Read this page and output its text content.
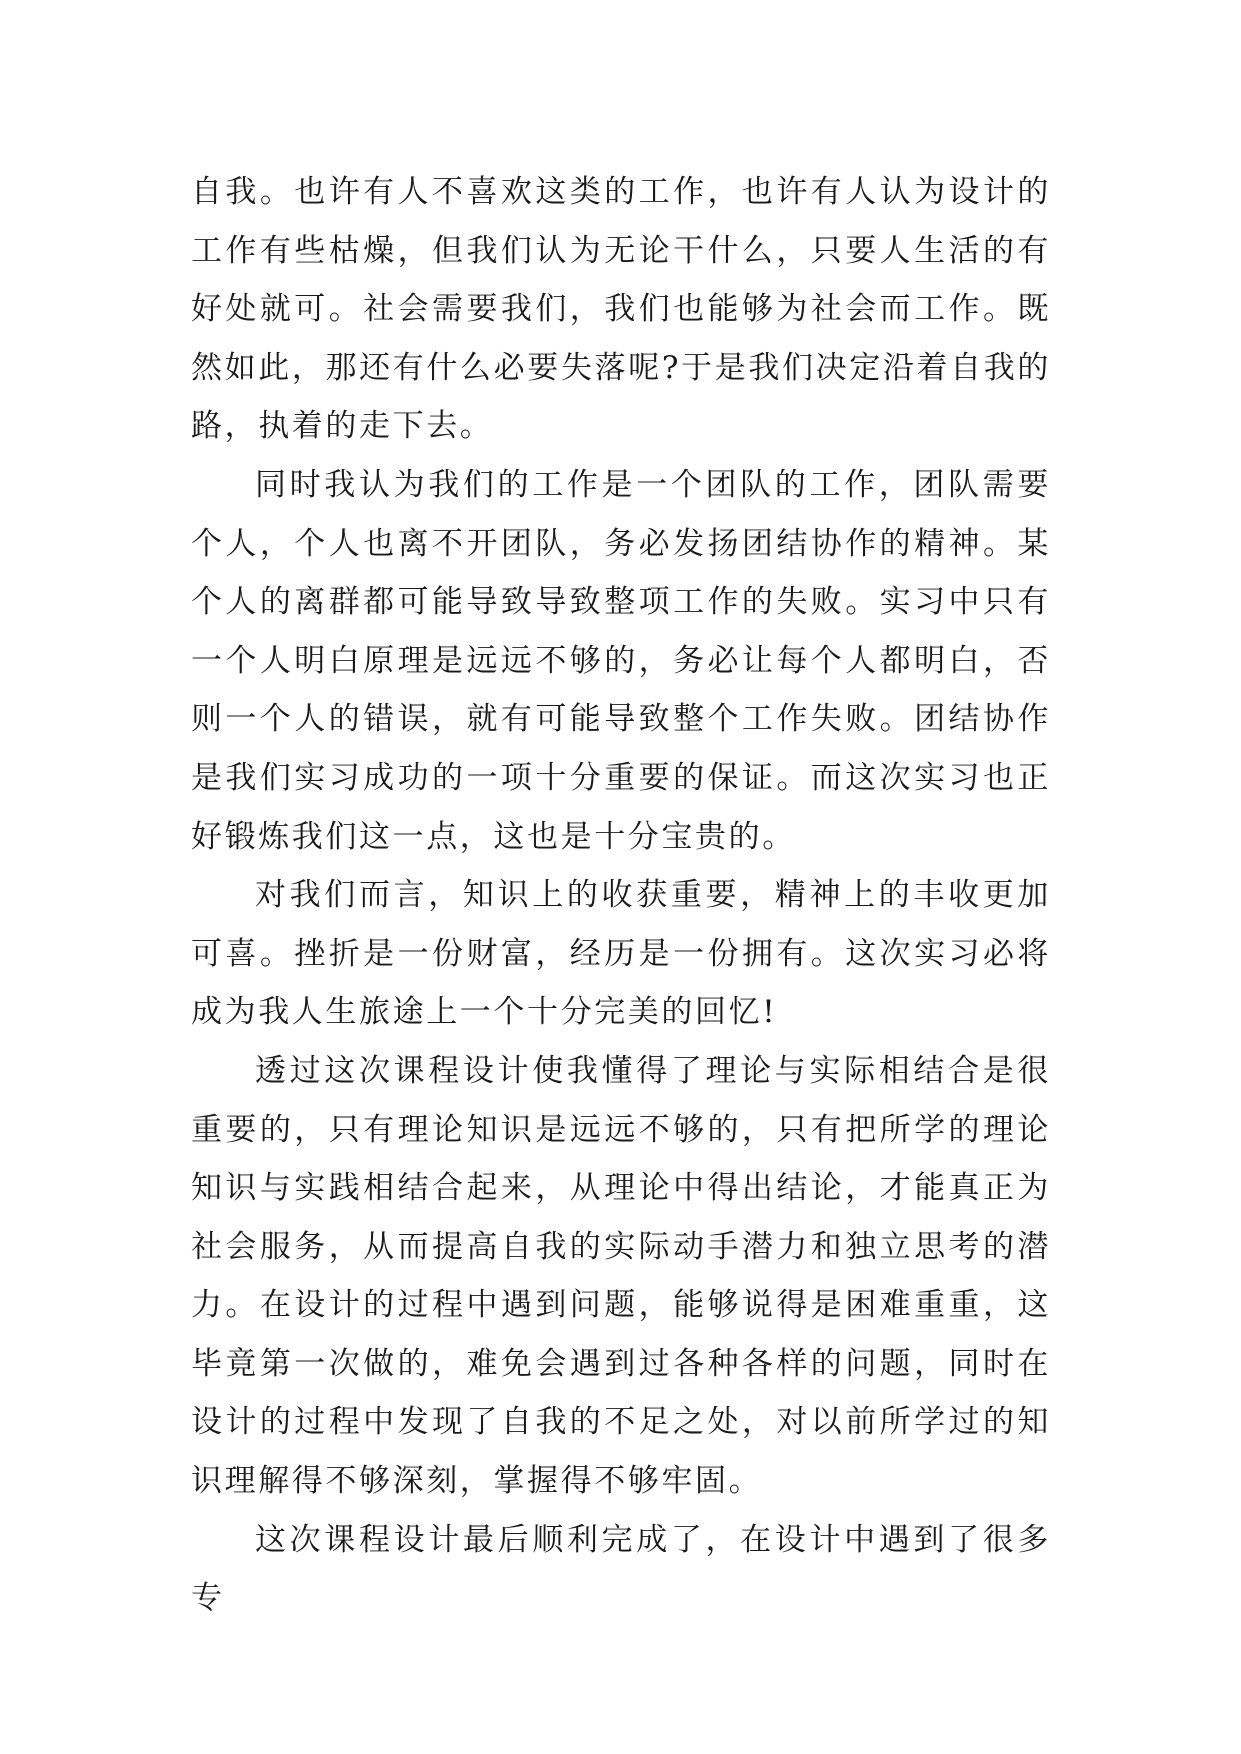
自我。也许有人不喜欢这类的工作，也许有人认为设计的工作有些枯燥，但我们认为无论干什么，只要人生活的有好处就可。社会需要我们，我们也能够为社会而工作。既然如此，那还有什么必要失落呢?于是我们决定沿着自我的路，执着的走下去。

同时我认为我们的工作是一个团队的工作，团队需要个人，个人也离不开团队，务必发扬团结协作的精神。某个人的离群都可能导致导致整项工作的失败。实习中只有一个人明白原理是远远不够的，务必让每个人都明白，否则一个人的错误，就有可能导致整个工作失败。团结协作是我们实习成功的一项十分重要的保证。而这次实习也正好锻炼我们这一点，这也是十分宝贵的。

对我们而言，知识上的收获重要，精神上的丰收更加可喜。挫折是一份财富，经历是一份拥有。这次实习必将成为我人生旅途上一个十分完美的回忆!

透过这次课程设计使我懂得了理论与实际相结合是很重要的，只有理论知识是远远不够的，只有把所学的理论知识与实践相结合起来，从理论中得出结论，才能真正为社会服务，从而提高自我的实际动手潜力和独立思考的潜力。在设计的过程中遇到问题，能够说得是困难重重，这毕竟第一次做的，难免会遇到过各种各样的问题，同时在设计的过程中发现了自我的不足之处，对以前所学过的知识理解得不够深刻，掌握得不够牢固。

这次课程设计最后顺利完成了，在设计中遇到了很多专
